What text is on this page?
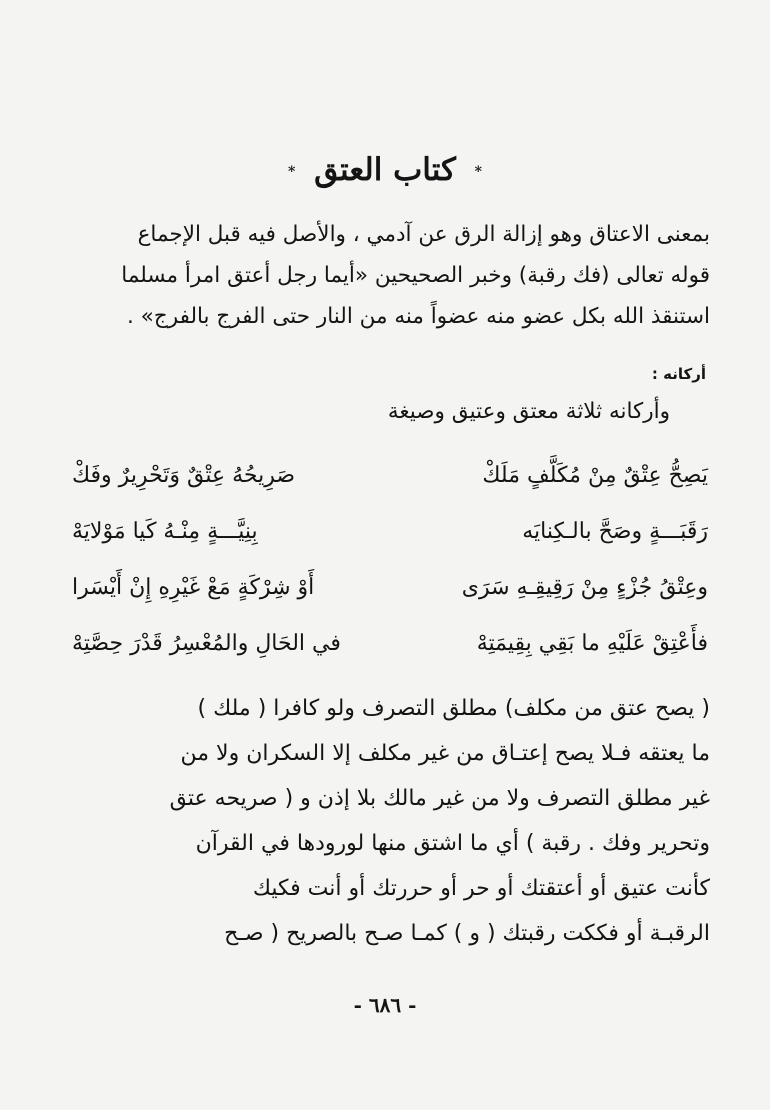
* كتاب العتق *
بمعنى الاعتاق وهو إزالة الرق عن آدمي ، والأصل فيه قبل الإجماع
قوله تعالى (فك رقبة) وخبر الصحيحين «أيما رجل أعتق امرأ مسلما
استنقذ الله بكل عضو منه عضواً منه من النار حتى الفرج بالفرج» .
أركانه :
وأركانه ثلاثة معتق وعتيق وصيغة
يَصِحُّ عِتْقٌ مِنْ مُكَلَّفٍ مَلَكْ
صَرِيحُهُ عِتْقٌ وَتَحْرِيرٌ وفَكْ
رَقَبَـــةٍ وصَحَّ بالـكِنايَه
بِنِيَّـــةٍ مِنْـهُ كَيا مَوْلايَهْ
وعِتْقُ جُزْءٍ مِنْ رَقِيقِـهِ سَرَى
أَوْ شِرْكَةٍ مَعْ غَيْرِهِ إِنْ أَيْسَرا
فأَعْتِقْ عَلَيْهِ ما بَقِي بِقِيمَتِهْ
في الحَالِ والمُعْسِرُ قَدْرَ حِصَّتِهْ
( يصح عتق من مكلف) مطلق التصرف ولو كافرا ( ملك )
ما يعتقه فـلا يصح إعتـاق من غير مكلف إلا السكران ولا من
غير مطلق التصرف ولا من غير مالك بلا إذن و ( صريحه عتق
وتحرير وفك . رقبة ) أي ما اشتق منها لورودها في القرآن
كأنت عتيق أو أعتقتك أو حر أو حررتك أو أنت فكيك
الرقبـة أو فككت رقبتك ( و ) كمـا صـح بالصريح ( صـح
- ٦٨٦ -
